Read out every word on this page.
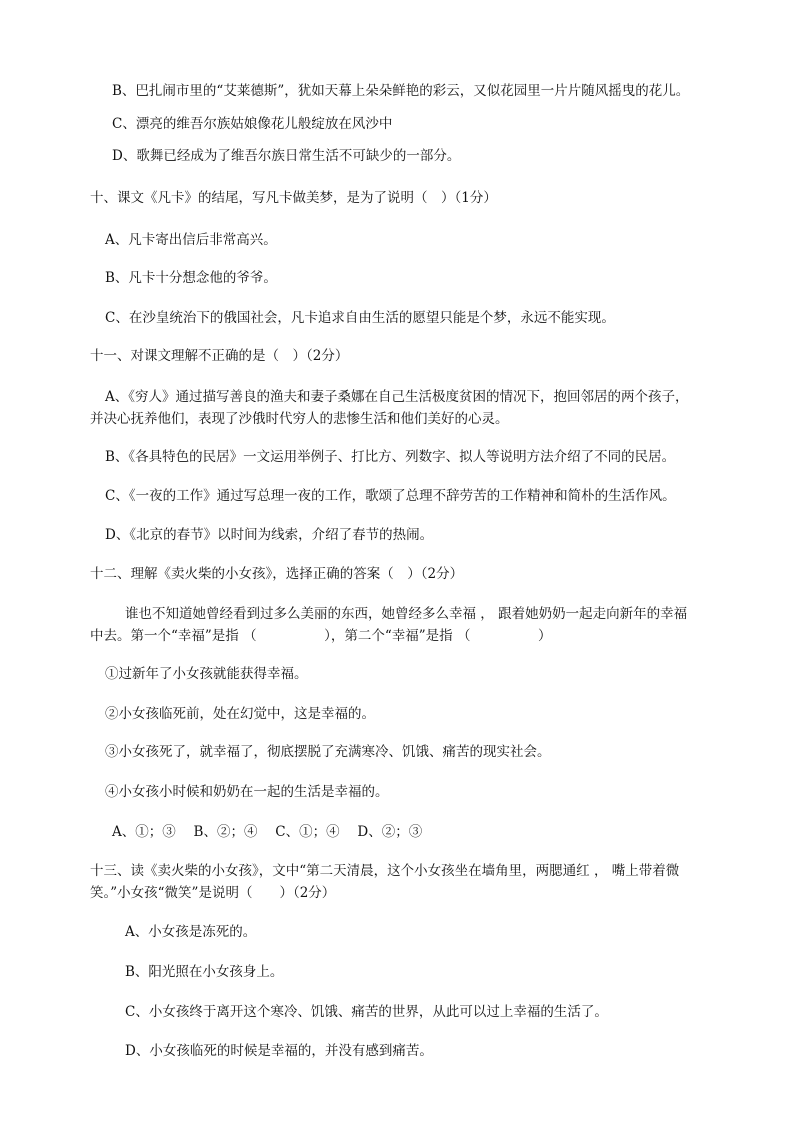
B、巴扎闹市里的“艾莱德斯”，犹如天幕上朵朵鲜艳的彩云，又似花园里一片片随风摇曳的花儿。
C、漂亮的维吾尔族姑娘像花儿般绽放在风沙中
D、歌舞已经成为了维吾尔族日常生活不可缺少的一部分。
十、课文《凡卡》的结尾，写凡卡做美梦，是为了说明（　）（1分）
A、凡卡寄出信后非常高兴。
B、凡卡十分想念他的爷爷。
C、在沙皇统治下的俄国社会，凡卡追求自由生活的愿望只能是个梦，永远不能实现。
十一、对课文理解不正确的是（　）（2分）
A、《穷人》通过描写善良的渔夫和妻子桑娜在自己生活极度贫困的情况下，抱回邻居的两个孩子，
并决心抚养他们，表现了沙俄时代穷人的悲惨生活和他们美好的心灵。
B、《各具特色的民居》一文运用举例子、打比方、列数字、拟人等说明方法介绍了不同的民居。
C、《一夜的工作》通过写总理一夜的工作，歌颂了总理不辞劳苦的工作精神和简朴的生活作风。
D、《北京的春节》以时间为线索，介绍了春节的热闹。
十二、理解《卖火柴的小女孩》，选择正确的答案（　）（2分）
谁也不知道她曾经看到过多么美丽的东西，她曾经多么幸福 ， 跟着她奶奶一起走向新年的幸福
中去。第一个“幸福”是指 （　　　　　），第二个“幸福”是指 （　　　　　）
①过新年了小女孩就能获得幸福。
②小女孩临死前，处在幻觉中，这是幸福的。
③小女孩死了，就幸福了，彻底摆脱了充满寒冷、饥饿、痛苦的现实社会。
④小女孩小时候和奶奶在一起的生活是幸福的。
A、①；③　 B、②；④　 C、①；④　 D、②；③
十三、读《卖火柴的小女孩》，文中“第二天清晨，这个小女孩坐在墙角里，两腮通红 ， 嘴上带着微
笑。”小女孩“微笑”是说明（　　）（2分）
A、小女孩是冻死的。
B、阳光照在小女孩身上。
C、小女孩终于离开这个寒冷、饥饿、痛苦的世界，从此可以过上幸福的生活了。
D、小女孩临死的时候是幸福的，并没有感到痛苦。
